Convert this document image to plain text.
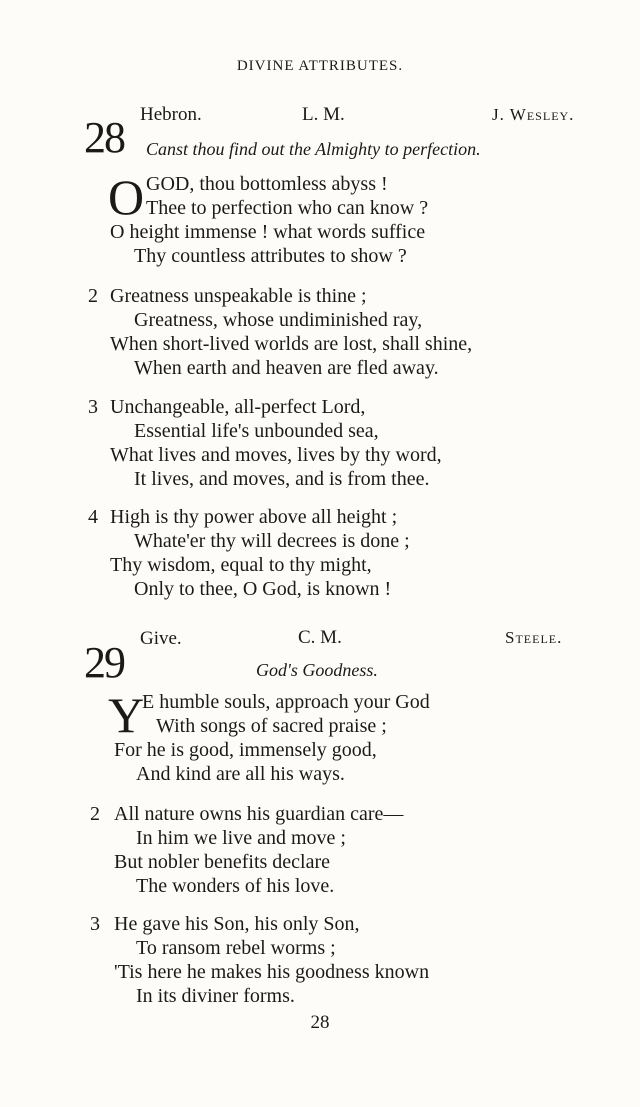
DIVINE ATTRIBUTES.
28 Hebron.	L. M.	J. Wesley.
Canst thou find out the Almighty to perfection.
O GOD, thou bottomless abyss !
Thee to perfection who can know ?
O height immense ! what words suffice
Thy countless attributes to show ?
2 Greatness unspeakable is thine ;
Greatness, whose undiminished ray,
When short-lived worlds are lost, shall shine,
When earth and heaven are fled away.
3 Unchangeable, all-perfect Lord,
Essential life's unbounded sea,
What lives and moves, lives by thy word,
It lives, and moves, and is from thee.
4 High is thy power above all height ;
Whate'er thy will decrees is done ;
Thy wisdom, equal to thy might,
Only to thee, O God, is known !
29 Give.	C. M.	Steele.
God's Goodness.
Y
E humble souls, approach your God
With songs of sacred praise ;
For he is good, immensely good,
And kind are all his ways.
2 All nature owns his guardian care—
In him we live and move ;
But nobler benefits declare
The wonders of his love.
3 He gave his Son, his only Son,
To ransom rebel worms ;
'Tis here he makes his goodness known
In its diviner forms.
28
